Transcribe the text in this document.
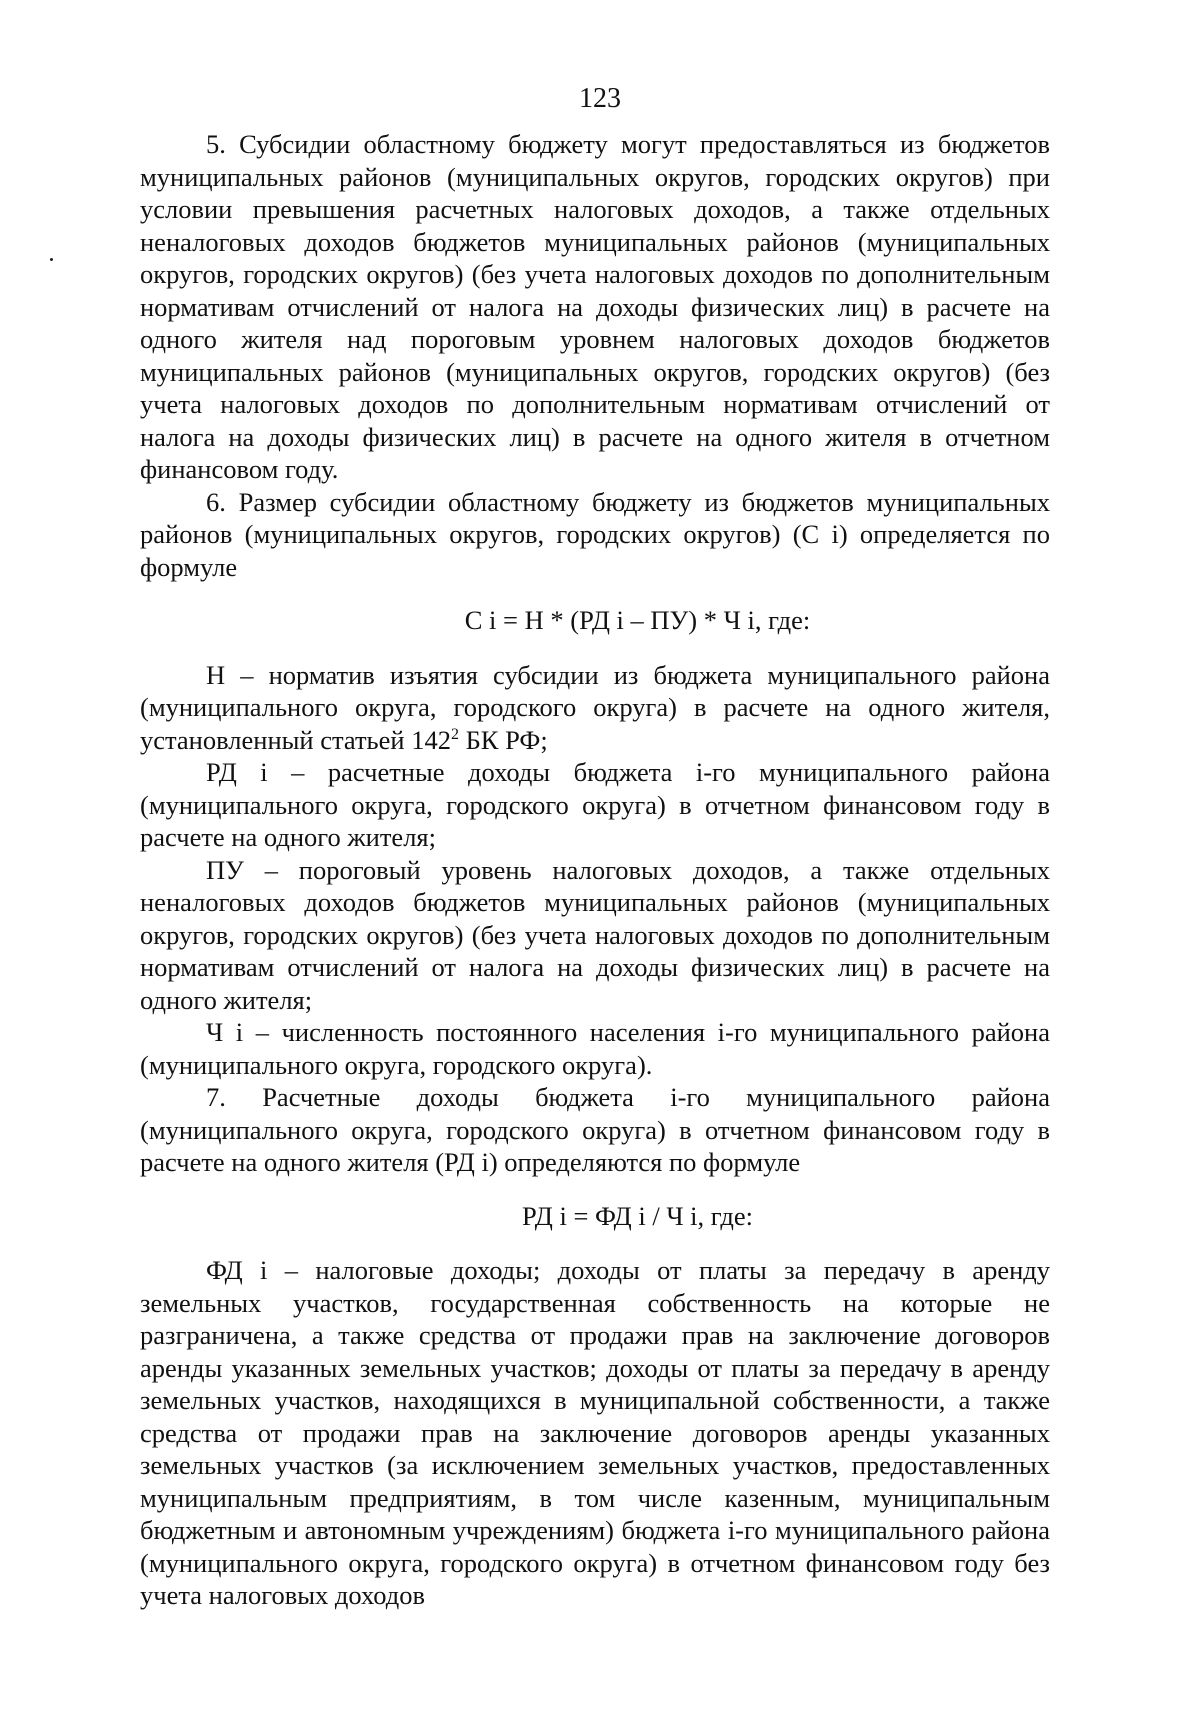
123

5. Субсидии областному бюджету могут предоставляться из бюджетов муниципальных районов (муниципальных округов, городских округов) при условии превышения расчетных налоговых доходов, а также отдельных неналоговых доходов бюджетов муниципальных районов (муниципальных округов, городских округов) (без учета налоговых доходов по дополнительным нормативам отчислений от налога на доходы физических лиц) в расчете на одного жителя над пороговым уровнем налоговых доходов бюджетов муниципальных районов (муниципальных округов, городских округов) (без учета налоговых доходов по дополнительным нормативам отчислений от налога на доходы физических лиц) в расчете на одного жителя в отчетном финансовом году.

6. Размер субсидии областному бюджету из бюджетов муниципальных районов (муниципальных округов, городских округов) (С i) определяется по формуле

С i = Н * (РД i – ПУ) * Ч i, где:

Н – норматив изъятия субсидии из бюджета муниципального района (муниципального округа, городского округа) в расчете на одного жителя, установленный статьей $142^2$ БК РФ;

РД i – расчетные доходы бюджета i-го муниципального района (муниципального округа, городского округа) в отчетном финансовом году в расчете на одного жителя;

ПУ – пороговый уровень налоговых доходов, а также отдельных неналоговых доходов бюджетов муниципальных районов (муниципальных округов, городских округов) (без учета налоговых доходов по дополнительным нормативам отчислений от налога на доходы физических лиц) в расчете на одного жителя;

Ч i – численность постоянного населения i-го муниципального района (муниципального округа, городского округа).

7. Расчетные доходы бюджета i-го муниципального района (муниципального округа, городского округа) в отчетном финансовом году в расчете на одного жителя (РД i) определяются по формуле

РД i = ФД i / Ч i, где:

ФД i – налоговые доходы; доходы от платы за передачу в аренду земельных участков, государственная собственность на которые не разграничена, а также средства от продажи прав на заключение договоров аренды указанных земельных участков; доходы от платы за передачу в аренду земельных участков, находящихся в муниципальной собственности, а также средства от продажи прав на заключение договоров аренды указанных земельных участков (за исключением земельных участков, предоставленных муниципальным предприятиям, в том числе казенным, муниципальным бюджетным и автономным учреждениям) бюджета i-го муниципального района (муниципального округа, городского округа) в отчетном финансовом году без учета налоговых доходов
